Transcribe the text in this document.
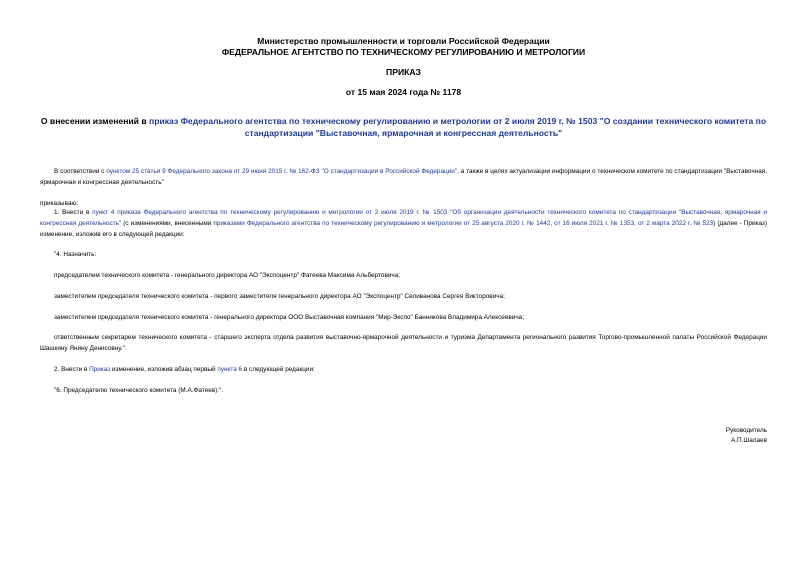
Министерство промышленности и торговли Российской Федерации
ФЕДЕРАЛЬНОЕ АГЕНТСТВО ПО ТЕХНИЧЕСКОМУ РЕГУЛИРОВАНИЮ И МЕТРОЛОГИИ
ПРИКАЗ
от 15 мая 2024 года № 1178
О внесении изменений в приказ Федерального агентства по техническому регулированию и метрологии от 2 июля 2019 г. № 1503 "О создании технического комитета по стандартизации "Выставочная, ярмарочная и конгрессная деятельность"
В соответствии с пунктом 25 статьи 9 Федерального закона от 29 июня 2015 г. № 162-ФЗ "О стандартизации в Российской Федерации", а также в целях актуализации информации о техническом комитете по стандартизации "Выставочная, ярмарочная и конгрессная деятельность"
приказываю:
1. Внести в пункт 4 приказа Федерального агентства по техническому регулированию и метрологии от 2 июля 2019 г. № 1503 "Об организации деятельности технического комитета по стандартизации "Выставочная, ярмарочная и конгрессная деятельность" (с изменениями, внесенными приказами Федерального агентства по техническому регулированию и метрологии от 25 августа 2020 г. № 1442, от 16 июля 2021 г. № 1353, от 2 марта 2022 г. № 523) (далее - Приказ) изменение, изложив его в следующей редакции:
"4. Назначить:
председателем технического комитета - генерального директора АО "Экспоцентр" Фатеева Максима Альбертовича;
заместителем председателя технического комитета - первого заместителя генерального директора АО "Экспоцентр" Селиванова Сергея Викторовича;
заместителем председателя технического комитета - генерального директора ООО Выставочная компания "Мир-Экспо" Банникова Владимира Алексеевича;
ответственным секретарем технического комитета - старшего эксперта отдела развития выставочно-ярмарочной деятельности и туризма Департамента регионального развития Торгово-промышленной палаты Российской Федерации Шашкину Янину Денисовну.".
2. Внести в Приказ изменение, изложив абзац первый пункта 6 в следующей редакции:
"6. Председателю технического комитета (М.А.Фатеев):".
Руководитель
А.П.Шалаев
